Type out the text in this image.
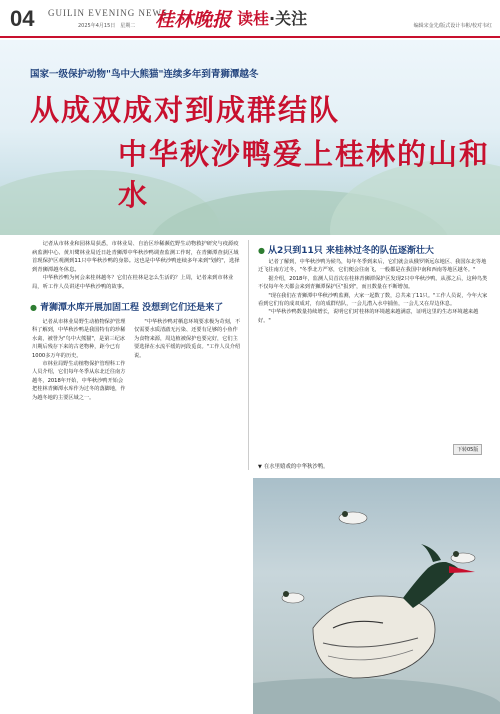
04 GUILIN EVENING NEWS
2025年4月15日　星期二 桂林晚报 读桂·关注	编辑宋金先/版式设计韦彬/校对韦红
国家一级保护动物"鸟中大熊猫"连续多年到青狮潭越冬
从成双成对到成群结队
中华秋沙鸭爱上桂林的山和水

记者从市林业和园林局获悉，市林业局、自治区珍稀濒危野生动物救护研究与疫源疫病监测中心、黄川鹭林业局近日赴青狮潭中华秋沙鸭调查监测工作时，在青狮潭查获区域首现保护区观测到11只中华秋沙鸭的身影。这也是中华秋沙鸭连续多年来到"划约"，选择到青狮潭越冬休息。

中华秋沙鸭为何会来桂林越冬？它们在桂林是怎么生活的？上周，记者来到市林业局，听工作人员讲述中华秋沙鸭的故事。

● 青狮潭水库开展加固工程 没想到它们还是来了

记者从市林业局野生动植物保护管理科了解到，中华秋沙鸭是我国特有的珍稀水禽，被誉为"鸟中大熊猫"，是第三纪冰川期后残存下来的古老物种，距今已有1000多万年的历史。

市林业局野生动植物保护管理科工作人员介绍，它们每年冬季从东北迁往南方越冬，2018年开始，中华秋沙鸭开始会把桂林青狮潭水库作为过冬的落脚地，作为越冬地的主要区域之一。

"中华秋沙鸭对栖息环境要求极为苛刻，不仅需要水质清澈无污染、还要有足够的小鱼作为食物来源，周边植被保护也要完好，它们主要选择在水流平缓的河段觅食。"工作人员介绍说。

● 从2只到11只 来桂林过冬的队伍逐渐壮大

记者了解到，中华秋沙鸭为候鸟，每年冬季到来后，它们就会从俄罗斯远东地区、我国东北等地迁飞往南方过冬，"冬季北方严寒，它们便会往南飞，一般都是在我国中南和西南等地区越冬。"

据介绍，2018年，监测人员首次在桂林青狮潭保护区发现2只中华秋沙鸭。从那之后，这种鸟类不仅每年冬天都会来到青狮潭保护区"报到"，而且数量在不断增加。

"现在我们在青狮潭中华秋沙鸭监测，大家一起数了数，总共来了11只。"工作人员说，今年大家看到它们有的成双成对，有的成群结队，一会儿潜入水中捕鱼，一会儿又在岸边休息。

"中华秋沙鸭数量持续增长，说明它们对桂林的环境越来越满意，证明这里的生态环境越来越好。"

下转05版
▼ 在水里嬉戏的中华秋沙鸭。
